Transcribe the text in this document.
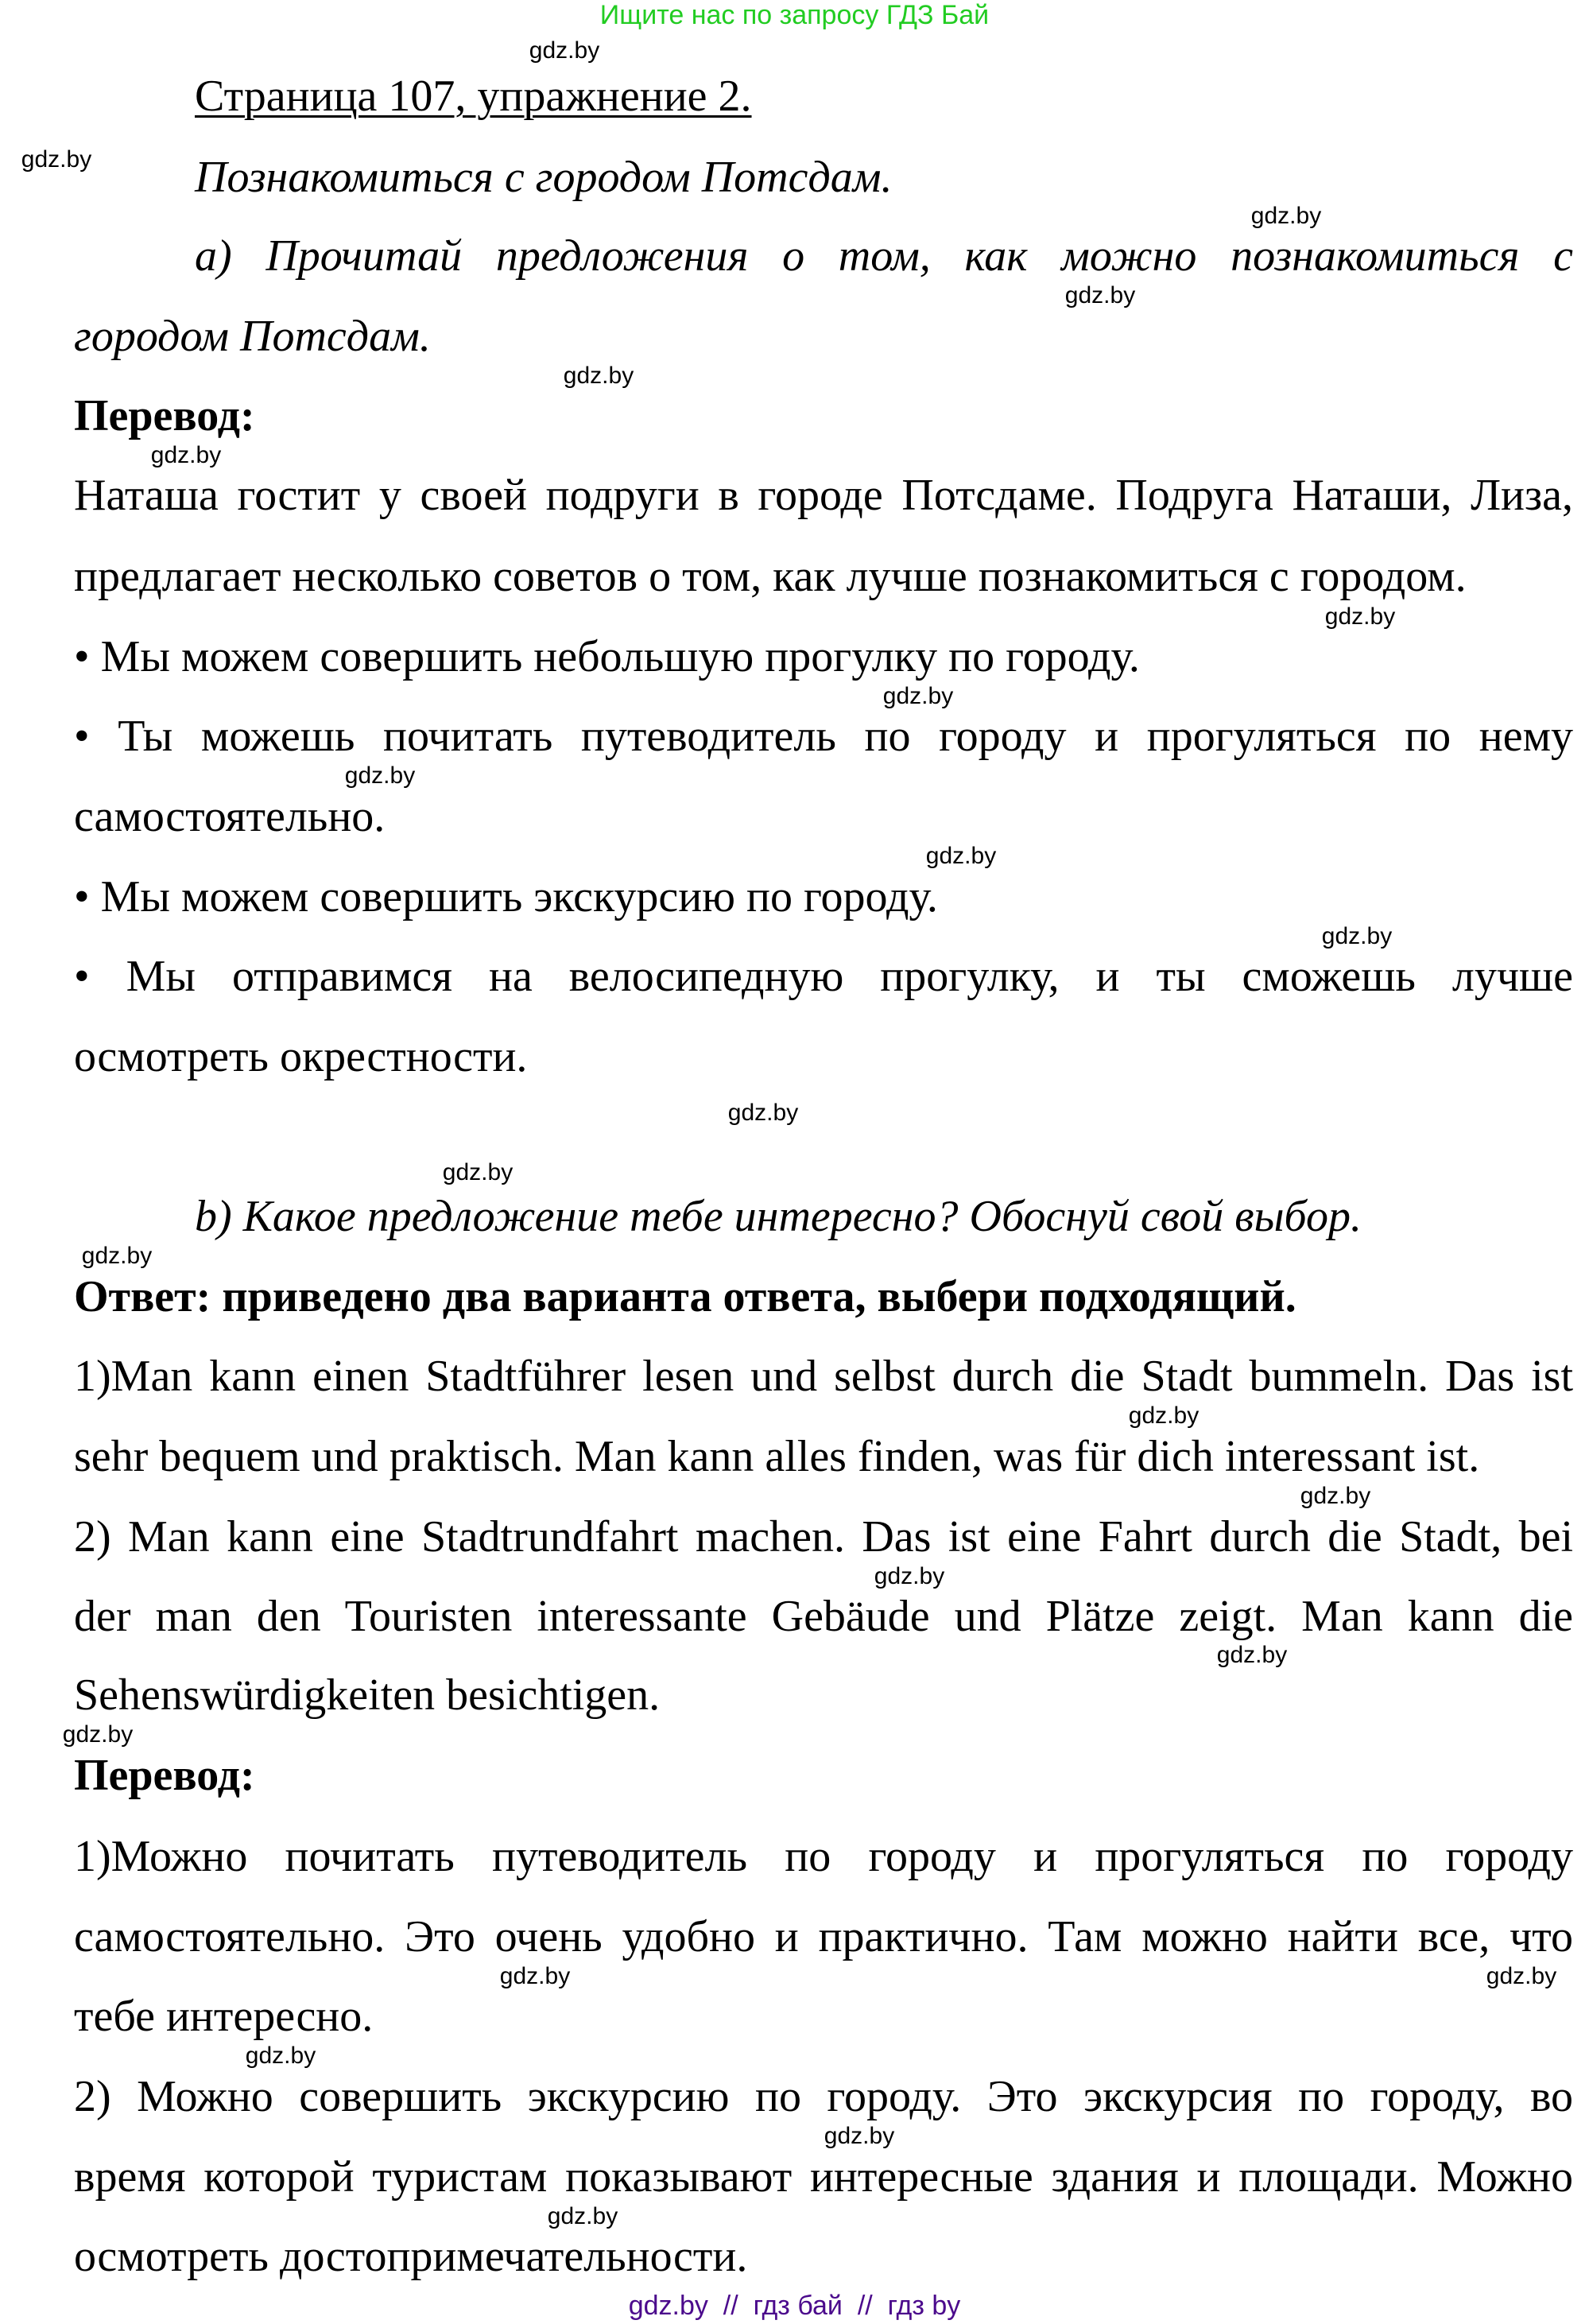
Ищите нас по запросу ГДЗ Бай
Страница 107, упражнение 2.
Познакомиться с городом Потсдам.
а) Прочитай предложения о том, как можно познакомиться с
городом Потсдам.
Перевод:
Наташа гостит у своей подруги в городе Потсдаме. Подруга Наташи, Лиза,
предлагает несколько советов о том, как лучше познакомиться с городом.
• Мы можем совершить небольшую прогулку по городу.
• Ты можешь почитать путеводитель по городу и прогуляться по нему
самостоятельно.
• Мы можем совершить экскурсию по городу.
• Мы отправимся на велосипедную прогулку, и ты сможешь лучше
осмотреть окрестности.
b) Какое предложение тебе интересно? Обоснуй свой выбор.
Ответ: приведено два варианта ответа, выбери подходящий.
1)Man kann einen Stadtführer lesen und selbst durch die Stadt bummeln. Das ist
sehr bequem und praktisch. Man kann alles finden, was für dich interessant ist.
2) Man kann eine Stadtrundfahrt machen. Das ist eine Fahrt durch die Stadt, bei
der man den Touristen interessante Gebäude und Plätze zeigt. Man kann die
Sehenswürdigkeiten besichtigen.
Перевод:
1)Можно почитать путеводитель по городу и прогуляться по городу
самостоятельно. Это очень удобно и практично. Там можно найти все, что
тебе интересно.
2) Можно совершить экскурсию по городу. Это экскурсия по городу, во
время которой туристам показывают интересные здания и площади. Можно
осмотреть достопримечательности.
gdz.by
gdz.by
gdz.by
gdz.by
gdz.by
gdz.by
gdz.by
gdz.by
gdz.by
gdz.by
gdz.by
gdz.by
gdz.by
gdz.by
gdz.by
gdz.by
gdz.by
gdz.by
gdz.by
gdz.by	gdz.by
gdz.by
gdz.by
gdz.by
gdz.by  //  гдз бай  //  гдз by
